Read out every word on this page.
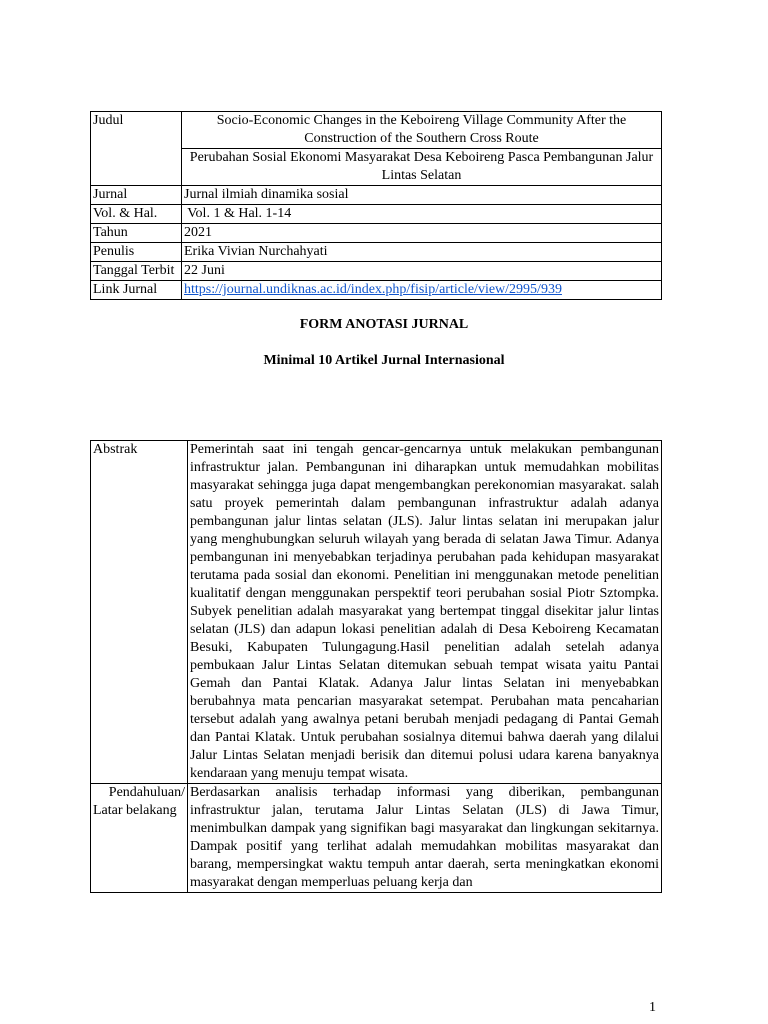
Judul	Socio-Economic Changes in the Keboireng Village Community After the Construction of the Southern Cross Route
	Perubahan Sosial Ekonomi Masyarakat Desa Keboireng Pasca Pembangunan Jalur Lintas Selatan
Jurnal	Jurnal ilmiah dinamika sosial
Vol. & Hal.	Vol. 1 & Hal. 1-14
Tahun	2021
Penulis	Erika Vivian Nurchahyati
Tanggal Terbit	22 Juni
Link Jurnal	https://journal.undiknas.ac.id/index.php/fisip/article/view/2995/939
FORM ANOTASI JURNAL
Minimal 10 Artikel Jurnal Internasional
Abstrak	Pemerintah saat ini tengah gencar-gencarnya untuk melakukan pembangunan infrastruktur jalan. Pembangunan ini diharapkan untuk memudahkan mobilitas masyarakat sehingga juga dapat mengembangkan perekonomian masyarakat. salah satu proyek pemerintah dalam pembangunan infrastruktur adalah adanya pembangunan jalur lintas selatan (JLS). Jalur lintas selatan ini merupakan jalur yang menghubungkan seluruh wilayah yang berada di selatan Jawa Timur. Adanya pembangunan ini menyebabkan terjadinya perubahan pada kehidupan masyarakat terutama pada sosial dan ekonomi. Penelitian ini menggunakan metode penelitian kualitatif dengan menggunakan perspektif teori perubahan sosial Piotr Sztompka. Subyek penelitian adalah masyarakat yang bertempat tinggal disekitar jalur lintas selatan (JLS) dan adapun lokasi penelitian adalah di Desa Keboireng Kecamatan Besuki, Kabupaten Tulungagung.Hasil penelitian adalah setelah adanya pembukaan Jalur Lintas Selatan ditemukan sebuah tempat wisata yaitu Pantai Gemah dan Pantai Klatak. Adanya Jalur lintas Selatan ini menyebabkan berubahnya mata pencarian masyarakat setempat. Perubahan mata pencaharian tersebut adalah yang awalnya petani berubah menjadi pedagang di Pantai Gemah dan Pantai Klatak. Untuk perubahan sosialnya ditemui bahwa daerah yang dilalui Jalur Lintas Selatan menjadi berisik dan ditemui polusi udara karena banyaknya kendaraan yang menuju tempat wisata.

Pendahuluan/
Latar belakang	Berdasarkan analisis terhadap informasi yang diberikan, pembangunan infrastruktur jalan, terutama Jalur Lintas Selatan (JLS) di Jawa Timur, menimbulkan dampak yang signifikan bagi masyarakat dan lingkungan sekitarnya. Dampak positif yang terlihat adalah memudahkan mobilitas masyarakat dan barang, mempersingkat waktu tempuh antar daerah, serta meningkatkan ekonomi masyarakat dengan memperluas peluang kerja dan
1
